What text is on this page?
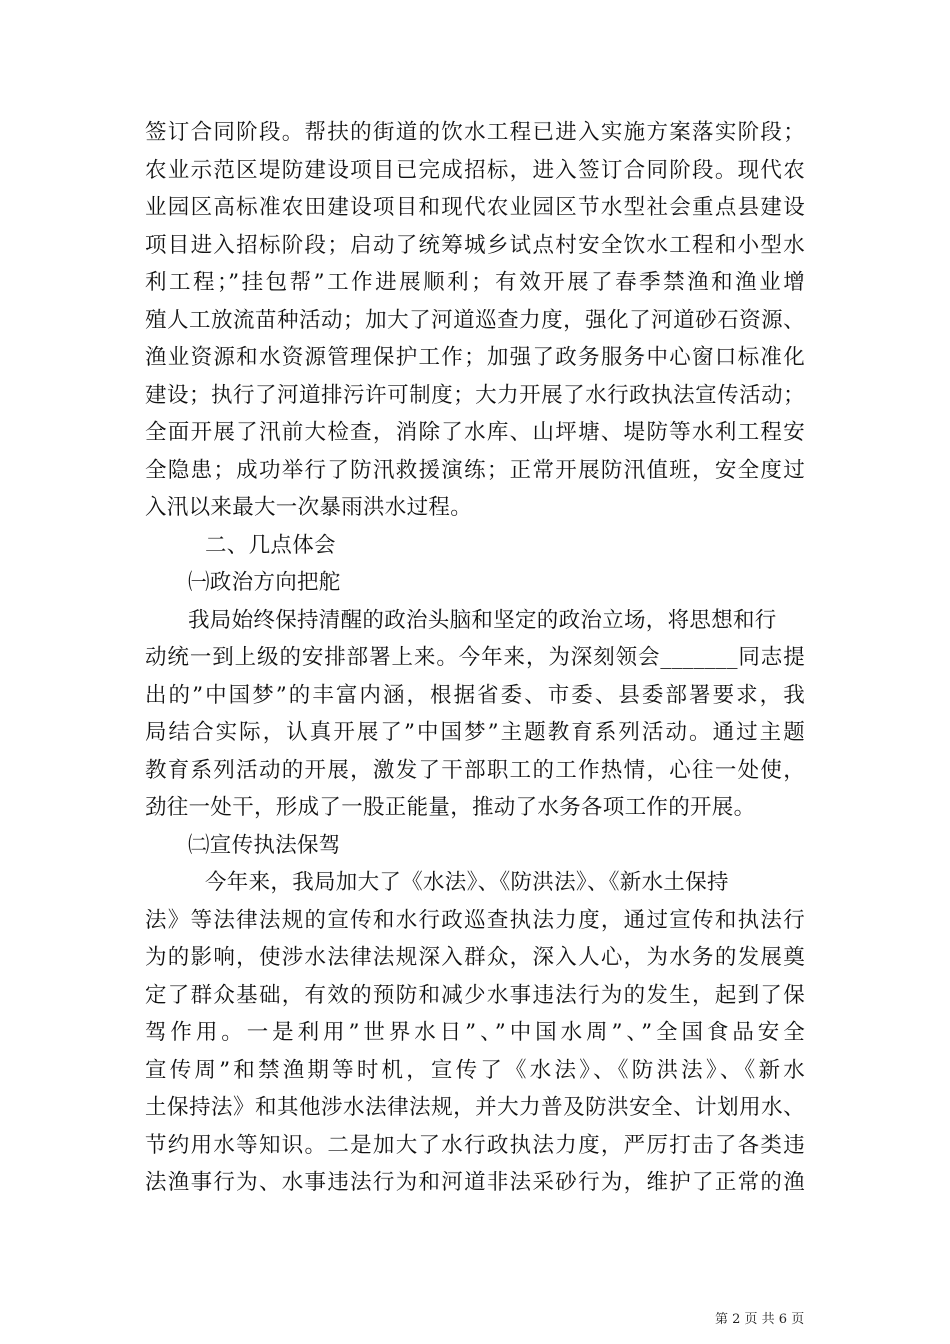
签订合同阶段。帮扶的街道的饮水工程已进入实施方案落实阶段；
农业示范区堤防建设项目已完成招标，进入签订合同阶段。现代农
业园区高标准农田建设项目和现代农业园区节水型社会重点县建设
项目进入招标阶段；启动了统筹城乡试点村安全饮水工程和小型水
利工程；”挂包帮”工作进展顺利；有效开展了春季禁渔和渔业增
殖人工放流苗种活动；加大了河道巡查力度，强化了河道砂石资源、
渔业资源和水资源管理保护工作；加强了政务服务中心窗口标准化
建设；执行了河道排污许可制度；大力开展了水行政执法宣传活动；
全面开展了汛前大检查，消除了水库、山坪塘、堤防等水利工程安
全隐患；成功举行了防汛救援演练；正常开展防汛值班，安全度过
入汛以来最大一次暴雨洪水过程。
二、几点体会
㈠政治方向把舵
我局始终保持清醒的政治头脑和坚定的政治立场，将思想和行
动统一到上级的安排部署上来。今年来，为深刻领会_______同志提
出的”中国梦”的丰富内涵，根据省委、市委、县委部署要求，我
局结合实际，认真开展了”中国梦”主题教育系列活动。通过主题
教育系列活动的开展，激发了干部职工的工作热情，心往一处使，
劲往一处干，形成了一股正能量，推动了水务各项工作的开展。
㈡宣传执法保驾
今年来，我局加大了《水法》、《防洪法》、《新水土保持
法》等法律法规的宣传和水行政巡查执法力度，通过宣传和执法行
为的影响，使涉水法律法规深入群众，深入人心，为水务的发展奠
定了群众基础，有效的预防和减少水事违法行为的发生，起到了保
驾作用。一是利用”世界水日”、”中国水周”、”全国食品安全
宣传周”和禁渔期等时机，宣传了《水法》、《防洪法》、《新水
土保持法》和其他涉水法律法规，并大力普及防洪安全、计划用水、
节约用水等知识。二是加大了水行政执法力度，严厉打击了各类违
法渔事行为、水事违法行为和河道非法采砂行为，维护了正常的渔
第 2 页 共 6 页
